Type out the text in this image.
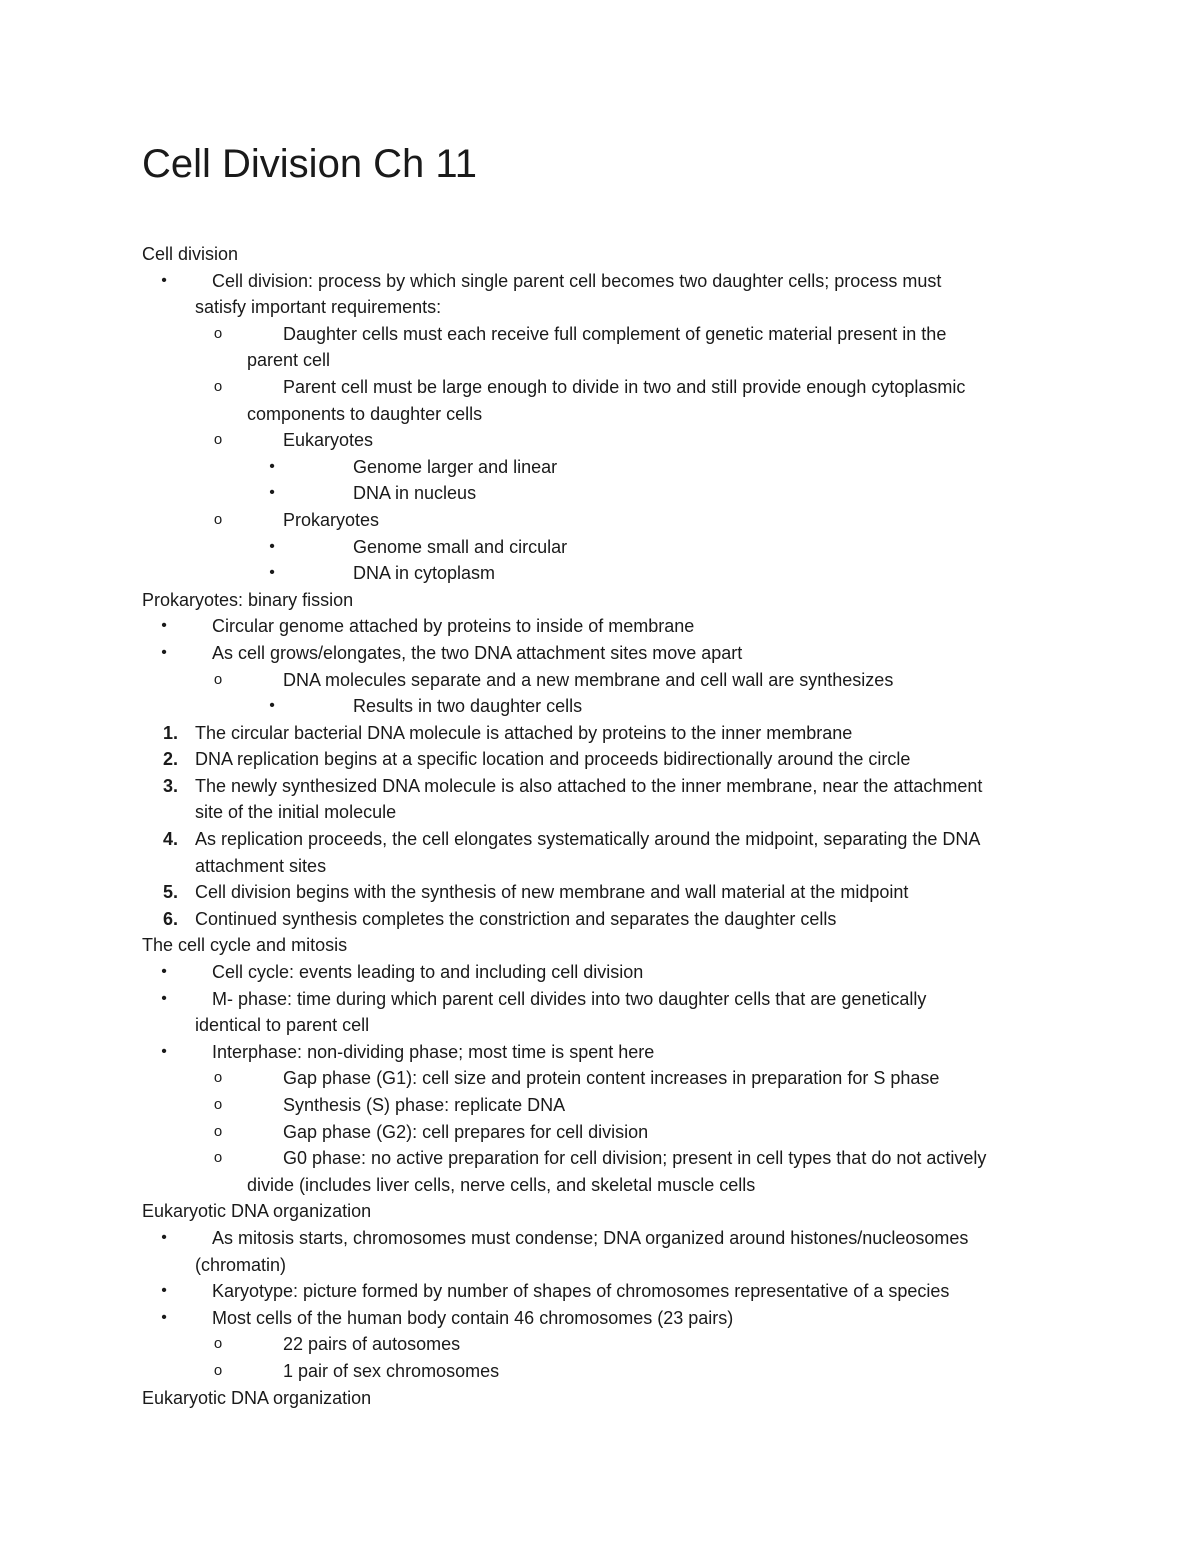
Cell Division Ch 11
Cell division
•	Cell division: process by which single parent cell becomes two daughter cells; process must
satisfy important requirements:
o	Daughter cells must each receive full complement of genetic material present in the
parent cell
o	Parent cell must be large enough to divide in two and still provide enough cytoplasmic
components to daughter cells
o	Eukaryotes
•	Genome larger and linear
•	DNA in nucleus
o	Prokaryotes
•	Genome small and circular
•	DNA in cytoplasm
Prokaryotes: binary fission
•	Circular genome attached by proteins to inside of membrane
•	As cell grows/elongates, the two DNA attachment sites move apart
o	DNA molecules separate and a new membrane and cell wall are synthesizes
•	Results in two daughter cells
1. The circular bacterial DNA molecule is attached by proteins to the inner membrane
2. DNA replication begins at a specific location and proceeds bidirectionally around the circle
3. The newly synthesized DNA molecule is also attached to the inner membrane, near the attachment
site of the initial molecule
4. As replication proceeds, the cell elongates systematically around the midpoint, separating the DNA
attachment sites
5. Cell division begins with the synthesis of new membrane and wall material at the midpoint
6. Continued synthesis completes the constriction and separates the daughter cells
The cell cycle and mitosis
•	Cell cycle: events leading to and including cell division
•	M- phase: time during which parent cell divides into two daughter cells that are genetically
identical to parent cell
•	Interphase: non-dividing phase; most time is spent here
o	Gap phase (G1): cell size and protein content increases in preparation for S phase
o	Synthesis (S) phase: replicate DNA
o	Gap phase (G2): cell prepares for cell division
o	G0 phase: no active preparation for cell division; present in cell types that do not actively
divide (includes liver cells, nerve cells, and skeletal muscle cells
Eukaryotic DNA organization
•	As mitosis starts, chromosomes must condense; DNA organized around histones/nucleosomes
(chromatin)
•	Karyotype: picture formed by number of shapes of chromosomes representative of a species
•	Most cells of the human body contain 46 chromosomes (23 pairs)
o	22 pairs of autosomes
o	1 pair of sex chromosomes
Eukaryotic DNA organization
